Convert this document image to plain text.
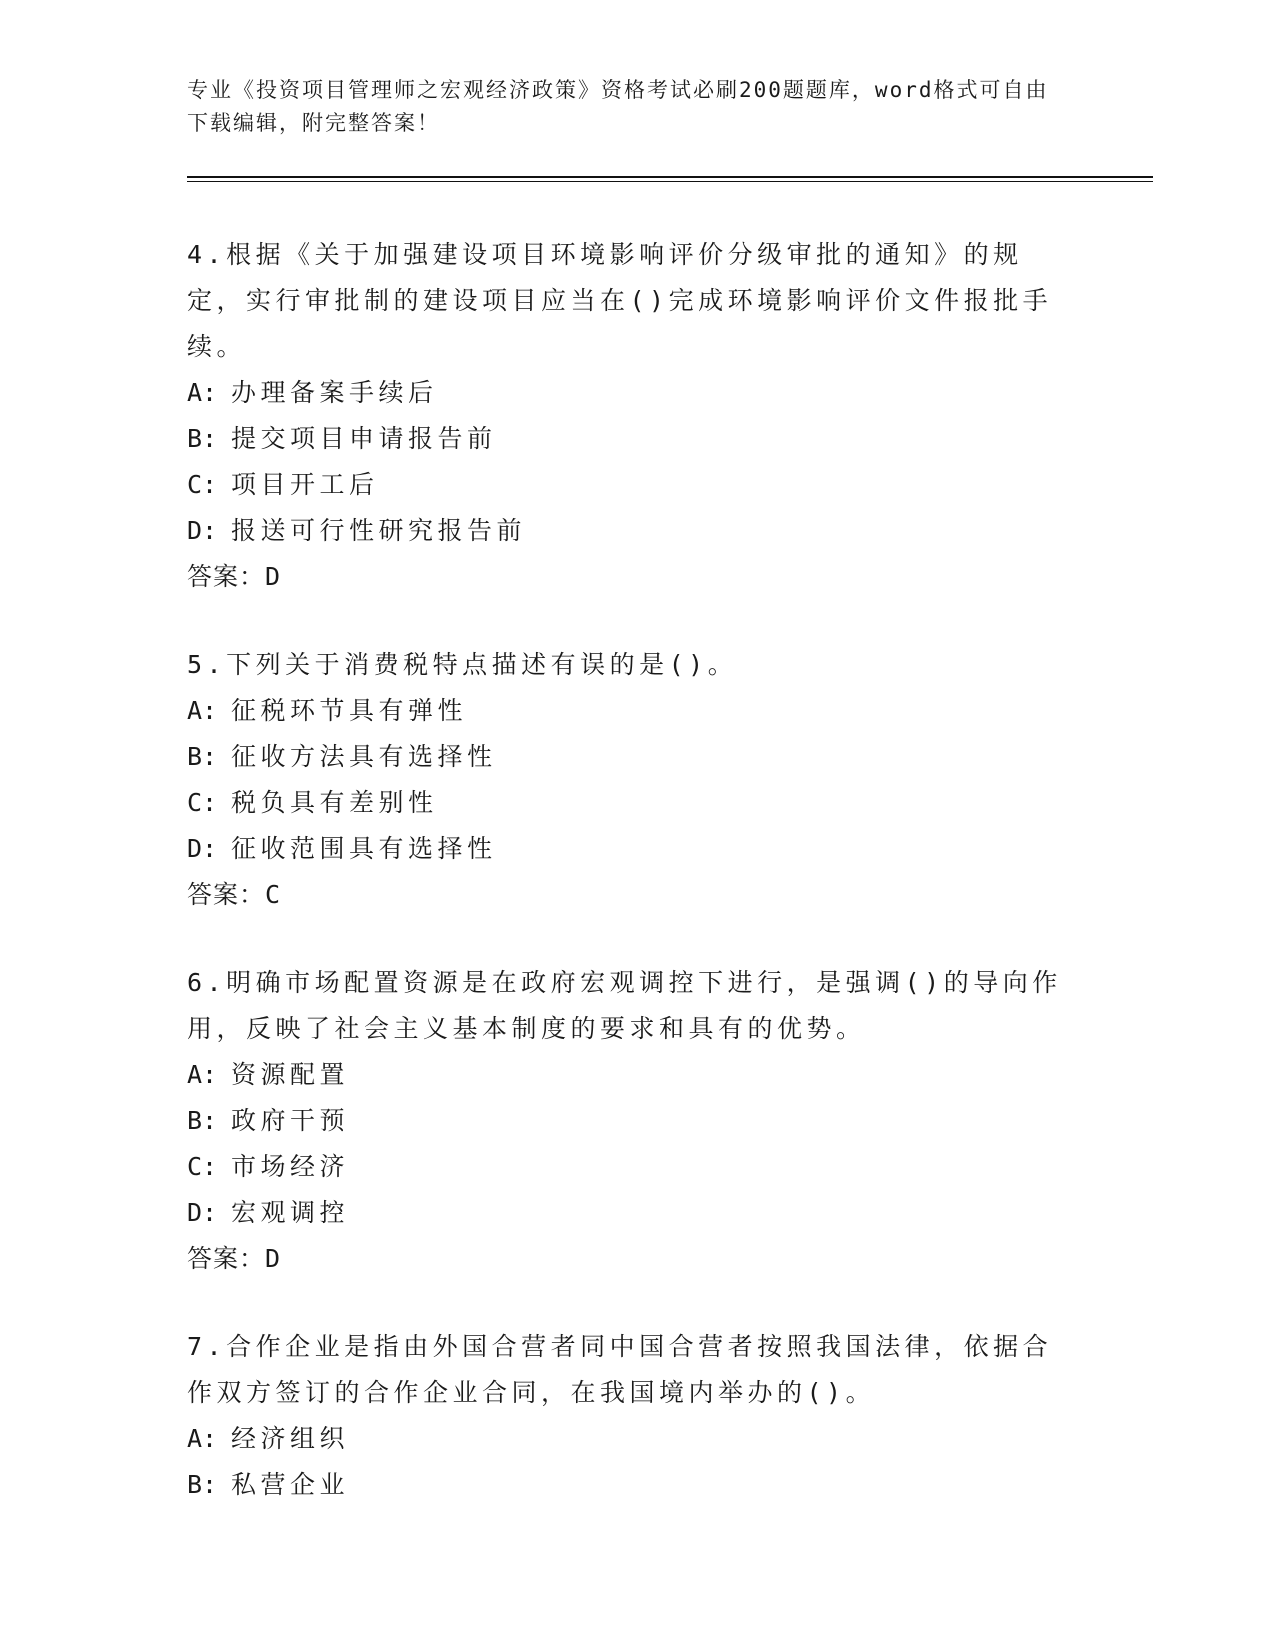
专业《投资项目管理师之宏观经济政策》资格考试必刷200题题库，word格式可自由下载编辑，附完整答案！

4.根据《关于加强建设项目环境影响评价分级审批的通知》的规定，实行审批制的建设项目应当在()完成环境影响评价文件报批手续。

A: 办理备案手续后

B: 提交项目申请报告前

C: 项目开工后

D: 报送可行性研究报告前

答案：D

5.下列关于消费税特点描述有误的是()。

A: 征税环节具有弹性

B: 征收方法具有选择性

C: 税负具有差别性

D: 征收范围具有选择性

答案：C

6.明确市场配置资源是在政府宏观调控下进行，是强调()的导向作用，反映了社会主义基本制度的要求和具有的优势。

A: 资源配置

B: 政府干预

C: 市场经济

D: 宏观调控

答案：D

7.合作企业是指由外国合营者同中国合营者按照我国法律，依据合作双方签订的合作企业合同，在我国境内举办的()。

A: 经济组织

B: 私营企业
